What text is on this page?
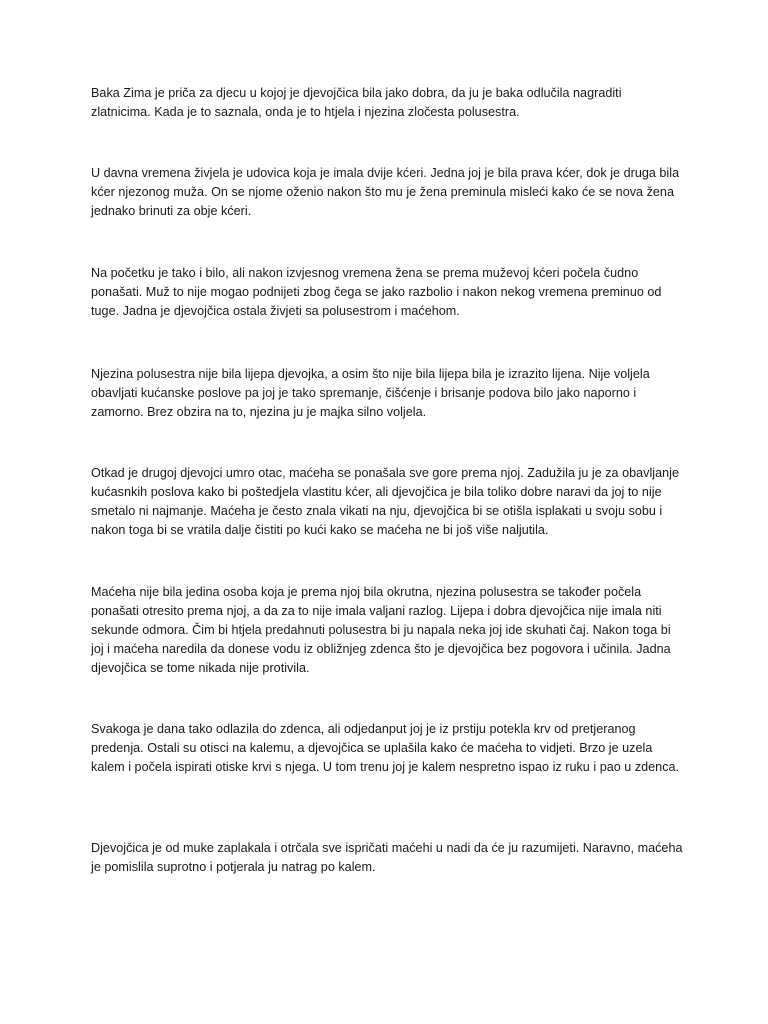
Baka Zima je priča za djecu u kojoj je djevojčica bila jako dobra, da ju je baka odlučila nagraditi zlatnicima. Kada je to saznala, onda je to htjela i njezina zločesta polusestra.

U davna vremena živjela je udovica koja je imala dvije kćeri. Jedna joj je bila prava kćer, dok je druga bila kćer njezonog muža. On se njome oženio nakon što mu je žena preminula misleći kako će se nova žena jednako brinuti za obje kćeri.

Na početku je tako i bilo, ali nakon izvjesnog vremena žena se prema muževoj kćeri počela čudno ponašati. Muž to nije mogao podnijeti zbog čega se jako razbolio i nakon nekog vremena preminuo od tuge. Jadna je djevojčica ostala živjeti sa polusestrom i maćehom.

Njezina polusestra nije bila lijepa djevojka, a osim što nije bila lijepa bila je izrazito lijena. Nije voljela obavljati kućanske poslove pa joj je tako spremanje, čišćenje i brisanje podova bilo jako naporno i zamorno. Brez obzira na to, njezina ju je majka silno voljela.

Otkad je drugoj djevojci umro otac, maćeha se ponašala sve gore prema njoj. Zadužila ju je za obavljanje kućasnkih poslova kako bi poštedjela vlastitu kćer, ali djevojčica je bila toliko dobre naravi da joj to nije smetalo ni najmanje. Maćeha je često znala vikati na nju, djevojčica bi se otišla isplakati u svoju sobu i nakon toga bi se vratila dalje čistiti po kući kako se maćeha ne bi još više naljutila.

Maćeha nije bila jedina osoba koja je prema njoj bila okrutna, njezina polusestra se također počela ponašati otresito prema njoj, a da za to nije imala valjani razlog. Lijepa i dobra djevojčica nije imala niti sekunde odmora. Čim bi htjela predahnuti polusestra bi ju napala neka joj ide skuhati čaj. Nakon toga bi joj i maćeha naredila da donese vodu iz obližnjeg zdenca što je djevojčica bez pogovora i učinila. Jadna djevojčica se tome nikada nije protivila.

Svakoga je dana tako odlazila do zdenca, ali odjedanput joj je iz prstiju potekla krv od pretjeranog predenja. Ostali su otisci na kalemu, a djevojčica se uplašila kako će maćeha to vidjeti. Brzo je uzela kalem i počela ispirati otiske krvi s njega. U tom trenu joj je kalem nespretno ispao iz ruku i pao u zdenca.

Djevojčica je od muke zaplakala i otrčala sve ispričati maćehi u nadi da će ju razumijeti. Naravno, maćeha je pomislila suprotno i potjerala ju natrag po kalem.
